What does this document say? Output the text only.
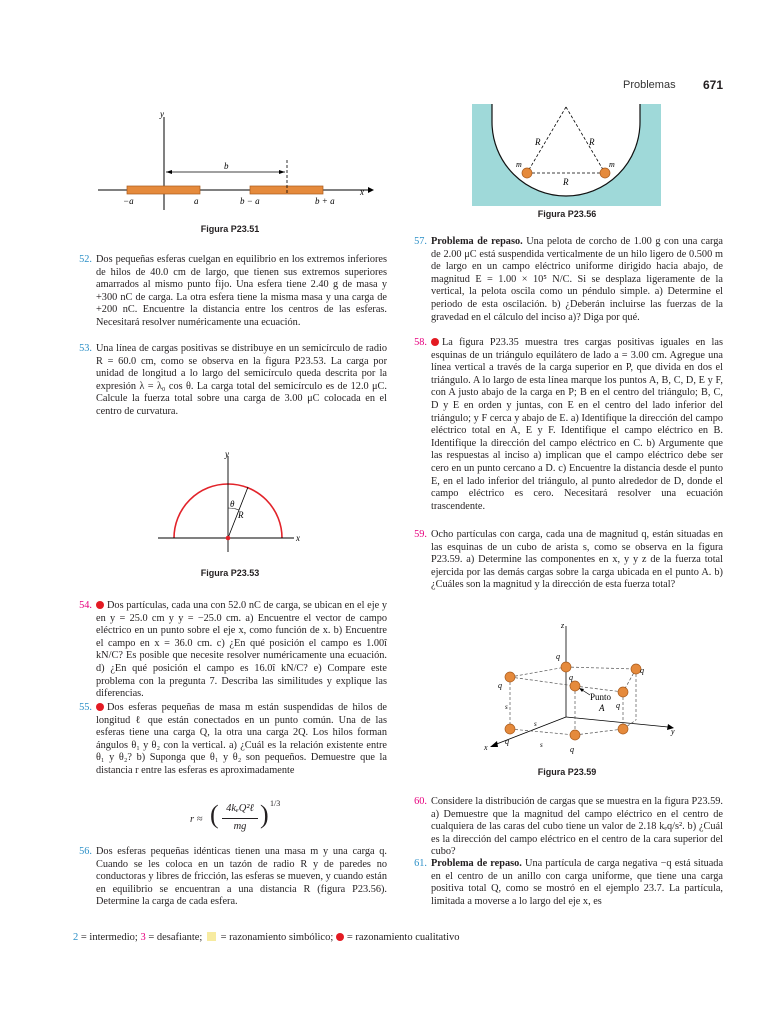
Problemas 671
y
x
b
−a	a	b − a	b + a
Figura P23.51
52. Dos pequeñas esferas cuelgan en equilibrio en los extremos inferiores de hilos de 40.0 cm de largo, que tienen sus extremos superiores amarrados al mismo punto fijo. Una esfera tiene 2.40 g de masa y +300 nC de carga. La otra esfera tiene la misma masa y una carga de +200 nC. Encuentre la distancia entre los centros de las esferas. Necesitará resolver numéricamente una ecuación.
53. Una línea de cargas positivas se distribuye en un semicírculo de radio R = 60.0 cm, como se observa en la figura P23.53. La carga por unidad de longitud a lo largo del semicírculo queda descrita por la expresión λ = λ₀ cos θ. La carga total del semicírculo es de 12.0 μC. Calcule la fuerza total sobre una carga de 3.00 μC colocada en el centro de curvatura.
y
x
θ
R
Figura P23.53
54. Dos partículas, cada una con 52.0 nC de carga, se ubican en el eje y en y = 25.0 cm y y = −25.0 cm. a) Encuentre el vector de campo eléctrico en un punto sobre el eje x, como función de x. b) Encuentre el campo en x = 36.0 cm. c) ¿En qué posición el campo es 1.00î kN/C? Es posible que necesite resolver numéricamente una ecuación. d) ¿En qué posición el campo es 16.0î kN/C? e) Compare este problema con la pregunta 7. Describa las similitudes y explique las diferencias.
55. Dos esferas pequeñas de masa m están suspendidas de hilos de longitud ℓ que están conectados en un punto común. Una de las esferas tiene una carga Q, la otra una carga 2Q. Los hilos forman ángulos θ₁ y θ₂ con la vertical. a) ¿Cuál es la relación existente entre θ₁ y θ₂? b) Suponga que θ₁ y θ₂ son pequeños. Demuestre que la distancia r entre las esferas es aproximadamente
r ≈ ( 4kₑQ²ℓ
mg ) 1/3
56. Dos esferas pequeñas idénticas tienen una masa m y una carga q. Cuando se les coloca en un tazón de radio R y de paredes no conductoras y libres de fricción, las esferas se mueven, y cuando están en equilibrio se encuentran a una distancia R (figura P23.56). Determine la carga de cada esfera.
R	R
m	m
R
Figura P23.56
57. Problema de repaso. Una pelota de corcho de 1.00 g con una carga de 2.00 μC está suspendida verticalmente de un hilo ligero de 0.500 m de largo en un campo eléctrico uniforme dirigido hacia abajo, de magnitud E = 1.00 × 10⁵ N/C. Si se desplaza ligeramente de la vertical, la pelota oscila como un péndulo simple. a) Determine el periodo de esta oscilación. b) ¿Deberán incluirse las fuerzas de la gravedad en el cálculo del inciso a)? Diga por qué.
58. La figura P23.35 muestra tres cargas positivas iguales en las esquinas de un triángulo equilátero de lado a = 3.00 cm. Agregue una línea vertical a través de la carga superior en P, que divida en dos el triángulo. A lo largo de esta línea marque los puntos A, B, C, D, E y F, con A justo abajo de la carga en P; B en el centro del triángulo; B, C, D y E en orden y juntas, con E en el centro del lado inferior del triángulo; y F cerca y abajo de E. a) Identifique la dirección del campo eléctrico total en A, E y F. Identifique el campo eléctrico en B. Identifique la dirección del campo eléctrico en C. b) Argumente que las respuestas al inciso a) implican que el campo eléctrico debe ser cero en un punto cercano a D. c) Encuentre la distancia desde el punto E, en el lado inferior del triángulo, al punto alrededor de D, donde el campo eléctrico es cero. Necesitará resolver una ecuación trascendente.
59. Ocho partículas con carga, cada una de magnitud q, están situadas en las esquinas de un cubo de arista s, como se observa en la figura P23.59. a) Determine las componentes en x, y y z de la fuerza total ejercida por las demás cargas sobre la carga ubicada en el punto A. b) ¿Cuáles son la magnitud y la dirección de esta fuerza total?
z
q
q
q
q
q
q
q
Punto
A
s
s
s
x
y
Figura P23.59
60. Considere la distribución de cargas que se muestra en la figura P23.59. a) Demuestre que la magnitud del campo eléctrico en el centro de cualquiera de las caras del cubo tiene un valor de 2.18 kₑq/s². b) ¿Cuál es la dirección del campo eléctrico en el centro de la cara superior del cubo?
61. Problema de repaso. Una partícula de carga negativa −q está situada en el centro de un anillo con carga uniforme, que tiene una carga positiva total Q, como se mostró en el ejemplo 23.7. La partícula, limitada a moverse a lo largo del eje x, es
2 = intermedio; 3 = desafiante; = razonamiento simbólico; = razonamiento cualitativo
